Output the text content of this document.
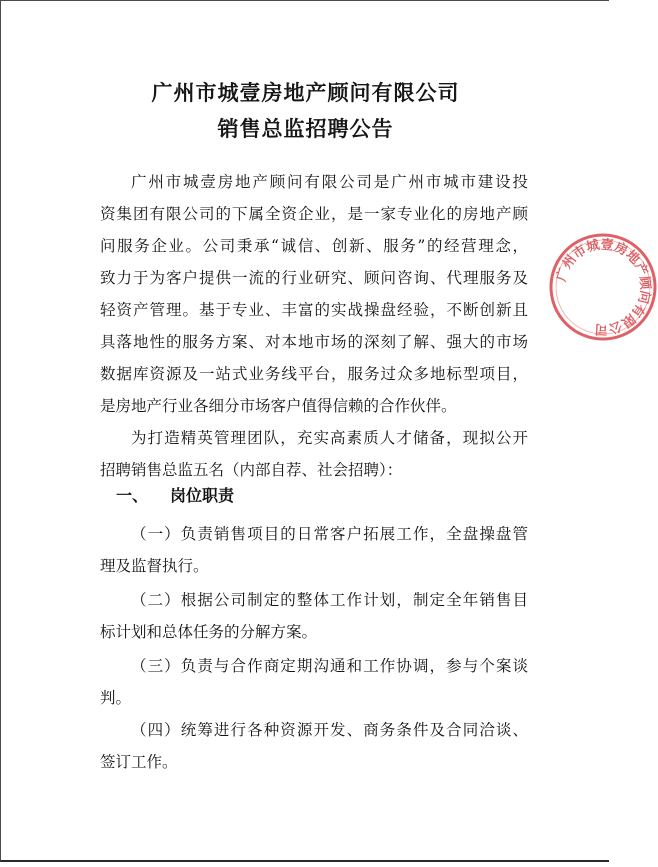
广州市城壹房地产顾问有限公司
销售总监招聘公告
广州市城壹房地产顾问有限公司是广州市城市建设投
资集团有限公司的下属全资企业，是一家专业化的房地产顾
问服务企业。公司秉承“诚信、创新、服务”的经营理念，
致力于为客户提供一流的行业研究、顾问咨询、代理服务及
轻资产管理。基于专业、丰富的实战操盘经验，不断创新且
具落地性的服务方案、对本地市场的深刻了解、强大的市场
数据库资源及一站式业务线平台，服务过众多地标型项目，
是房地产行业各细分市场客户值得信赖的合作伙伴。
为打造精英管理团队，充实高素质人才储备，现拟公开
招聘销售总监五名（内部自荐、社会招聘）：
一、 岗位职责
（一）负责销售项目的日常客户拓展工作，全盘操盘管
理及监督执行。
（二）根据公司制定的整体工作计划，制定全年销售目
标计划和总体任务的分解方案。
（三）负责与合作商定期沟通和工作协调，参与个案谈
判。
（四）统筹进行各种资源开发、商务条件及合同洽谈、
签订工作。
广州市城壹房地产顾问有限公司
